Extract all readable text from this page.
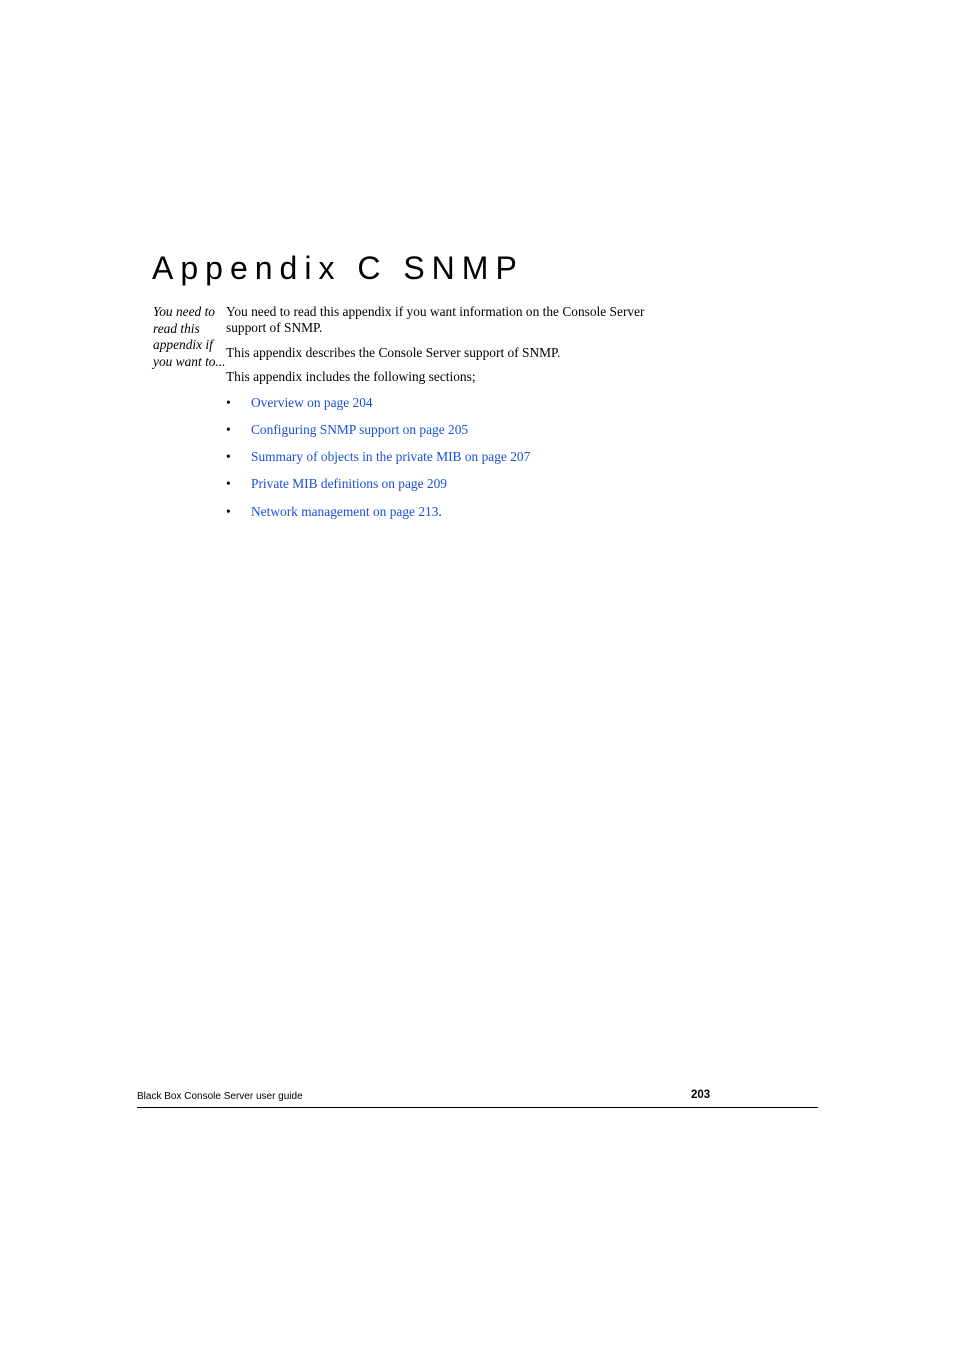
Appendix C SNMP
You need to read this appendix if you want to...

You need to read this appendix if you want information on the Console Server support of SNMP.

This appendix describes the Console Server support of SNMP.

This appendix includes the following sections;

• Overview on page 204
• Configuring SNMP support on page 205
• Summary of objects in the private MIB on page 207
• Private MIB definitions on page 209
• Network management on page 213.
Black Box Console Server user guide	203
